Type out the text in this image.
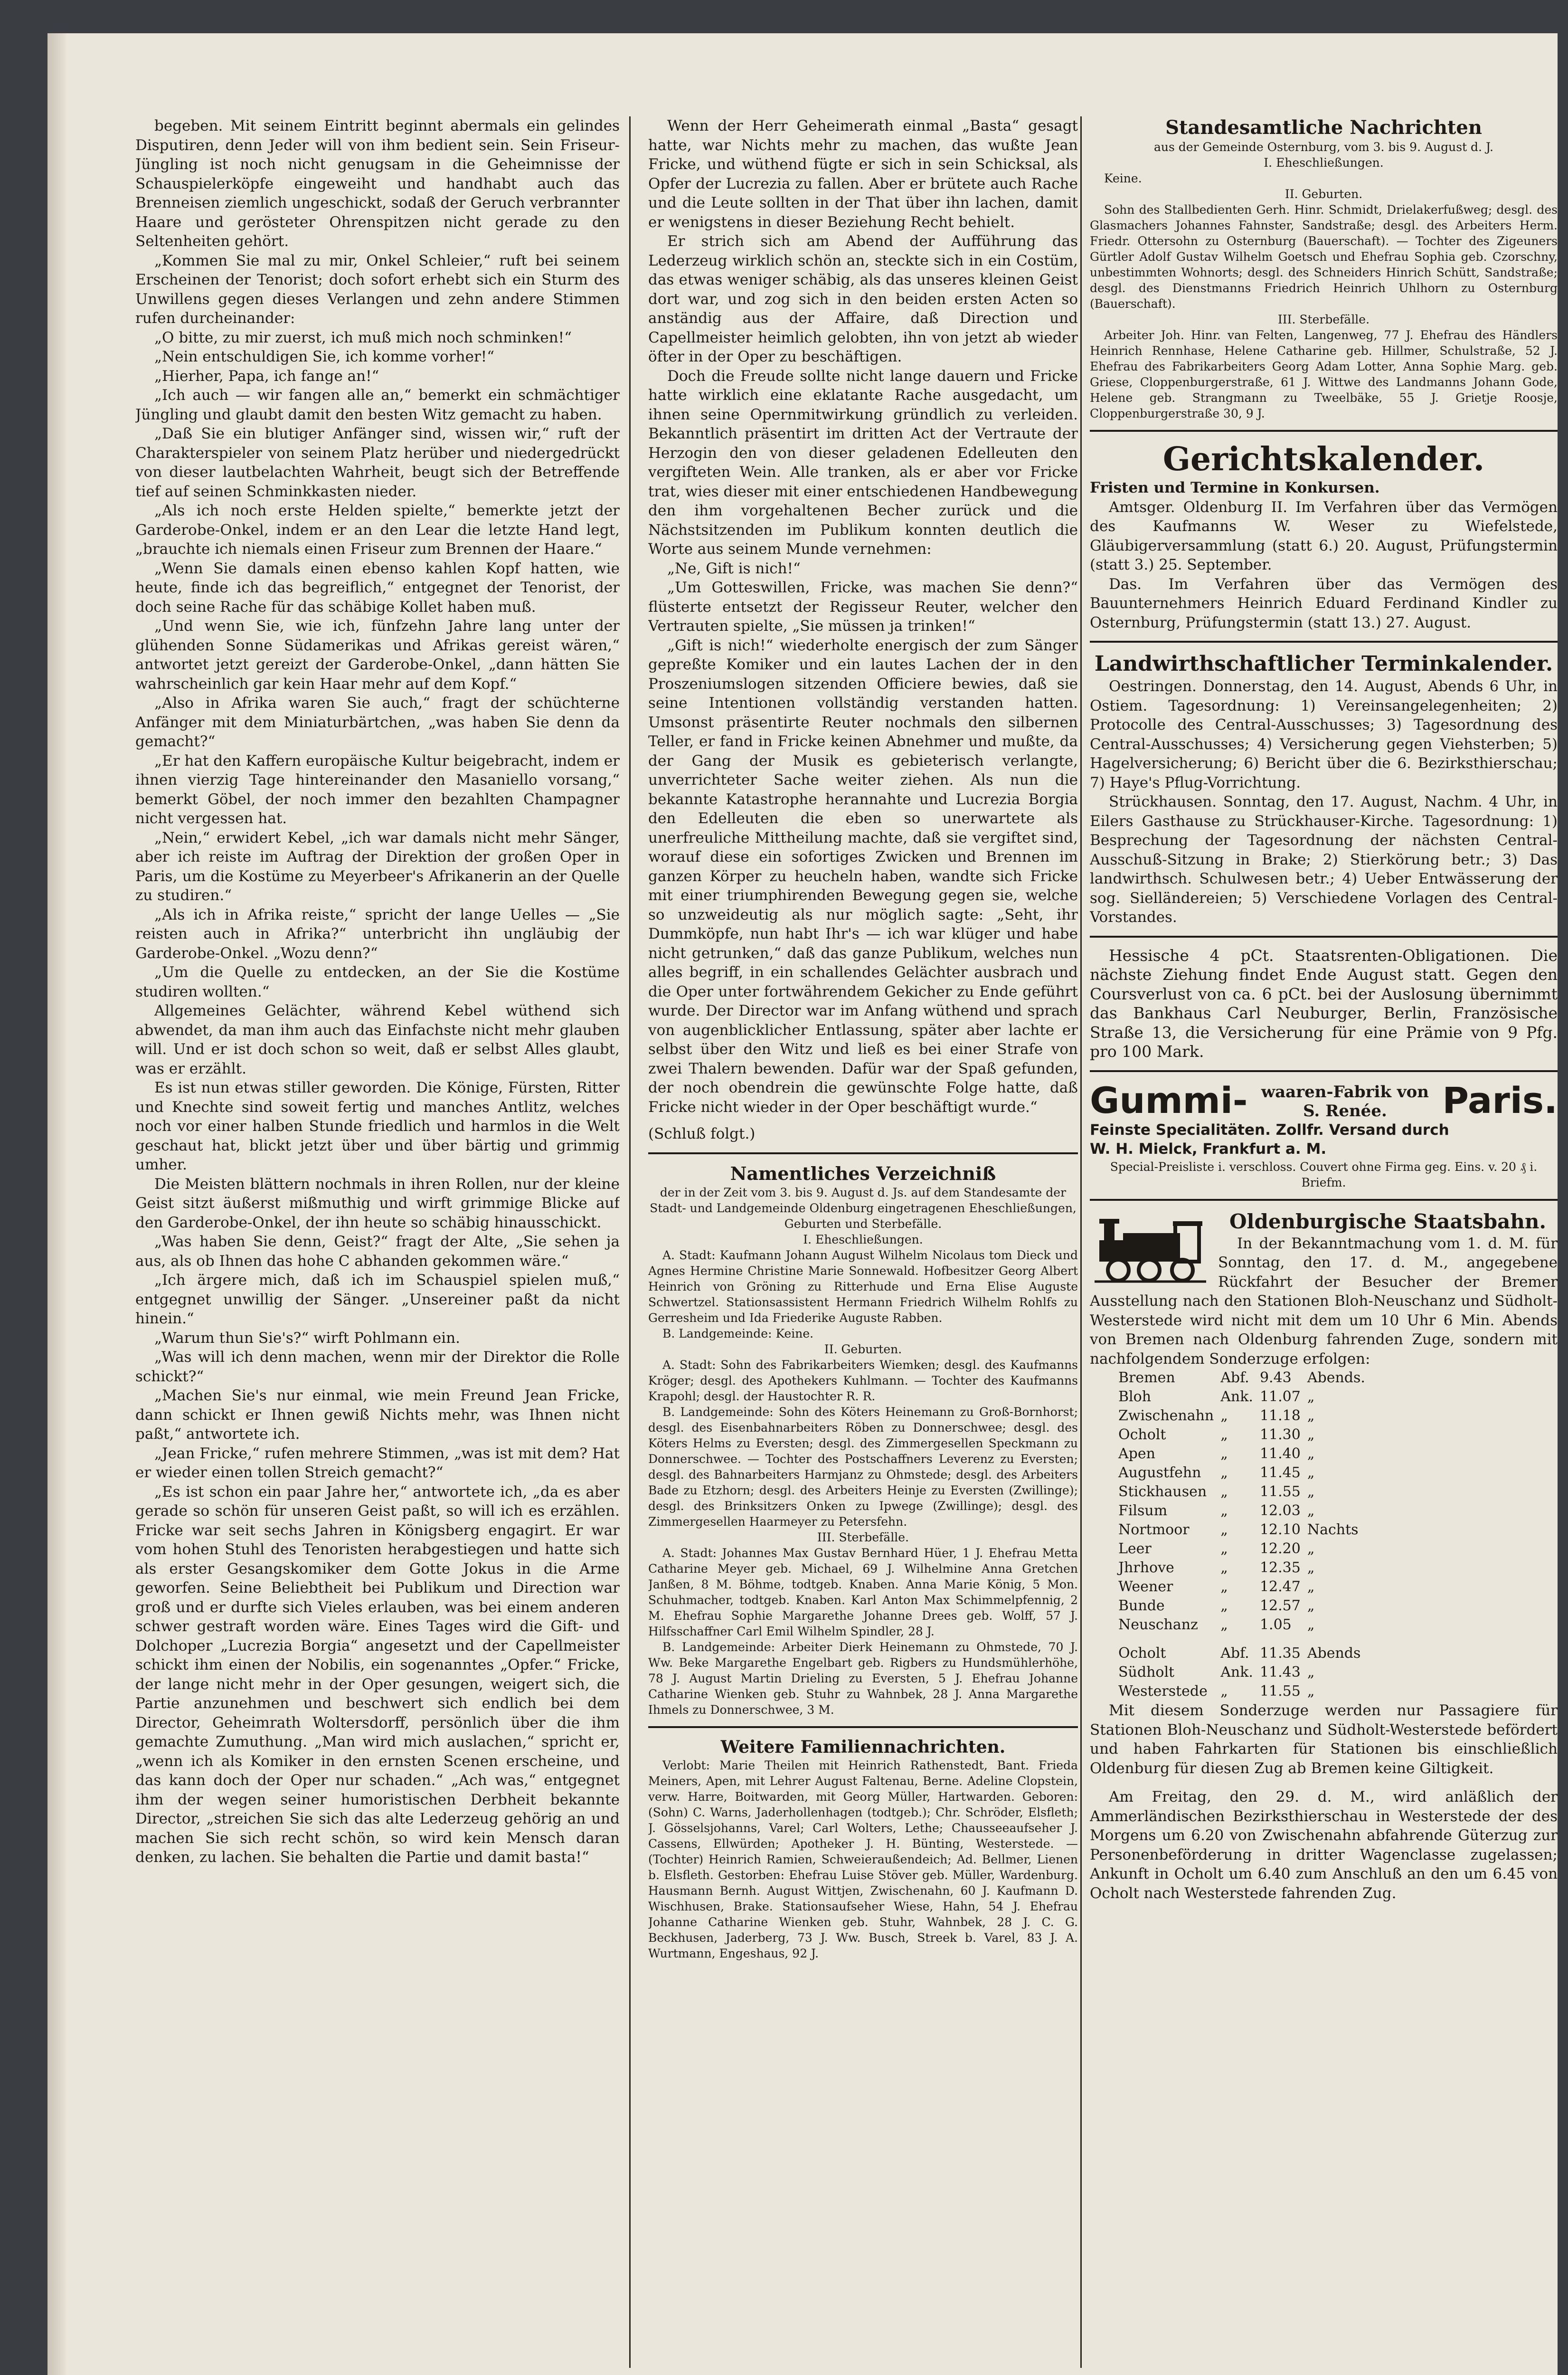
begeben. Mit seinem Eintritt beginnt abermals ein gelindes Disputiren, denn Jeder will von ihm bedient sein. Sein Friseur-Jüngling ist noch nicht genugsam in die Geheimnisse der Schauspielerköpfe eingeweiht und handhabt auch das Brenneisen ziemlich ungeschickt, sodaß der Geruch verbrannter Haare und gerösteter Ohrenspitzen nicht gerade zu den Seltenheiten gehört.

„Kommen Sie mal zu mir, Onkel Schleier,“ ruft bei seinem Erscheinen der Tenorist; doch sofort erhebt sich ein Sturm des Unwillens gegen dieses Verlangen und zehn andere Stimmen rufen durcheinander:

„O bitte, zu mir zuerst, ich muß mich noch schminken!“

„Nein entschuldigen Sie, ich komme vorher!“

„Hierher, Papa, ich fange an!“

„Ich auch — wir fangen alle an,“ bemerkt ein schmächtiger Jüngling und glaubt damit den besten Witz gemacht zu haben.

„Daß Sie ein blutiger Anfänger sind, wissen wir,“ ruft der Charakterspieler von seinem Platz herüber und niedergedrückt von dieser lautbelachten Wahrheit, beugt sich der Betreffende tief auf seinen Schminkkasten nieder.

„Als ich noch erste Helden spielte,“ bemerkte jetzt der Garderobe-Onkel, indem er an den Lear die letzte Hand legt, „brauchte ich niemals einen Friseur zum Brennen der Haare.“

„Wenn Sie damals einen ebenso kahlen Kopf hatten, wie heute, finde ich das begreiflich,“ entgegnet der Tenorist, der doch seine Rache für das schäbige Kollet haben muß.

„Und wenn Sie, wie ich, fünfzehn Jahre lang unter der glühenden Sonne Südamerikas und Afrikas gereist wären,“ antwortet jetzt gereizt der Garderobe-Onkel, „dann hätten Sie wahrscheinlich gar kein Haar mehr auf dem Kopf.“

„Also in Afrika waren Sie auch,“ fragt der schüchterne Anfänger mit dem Miniaturbärtchen, „was haben Sie denn da gemacht?“

„Er hat den Kaffern europäische Kultur beigebracht, indem er ihnen vierzig Tage hintereinander den Masaniello vorsang,“ bemerkt Göbel, der noch immer den bezahlten Champagner nicht vergessen hat.

„Nein,“ erwidert Kebel, „ich war damals nicht mehr Sänger, aber ich reiste im Auftrag der Direktion der großen Oper in Paris, um die Kostüme zu Meyerbeer's Afrikanerin an der Quelle zu studiren.“

„Als ich in Afrika reiste,“ spricht der lange Uelles — „Sie reisten auch in Afrika?“ unterbricht ihn ungläubig der Garderobe-Onkel. „Wozu denn?“

„Um die Quelle zu entdecken, an der Sie die Kostüme studiren wollten.“

Allgemeines Gelächter, während Kebel wüthend sich abwendet, da man ihm auch das Einfachste nicht mehr glauben will. Und er ist doch schon so weit, daß er selbst Alles glaubt, was er erzählt.

Es ist nun etwas stiller geworden. Die Könige, Fürsten, Ritter und Knechte sind soweit fertig und manches Antlitz, welches noch vor einer halben Stunde friedlich und harmlos in die Welt geschaut hat, blickt jetzt über und über bärtig und grimmig umher.

Die Meisten blättern nochmals in ihren Rollen, nur der kleine Geist sitzt äußerst mißmuthig und wirft grimmige Blicke auf den Garderobe-Onkel, der ihn heute so schäbig hinausschickt.

„Was haben Sie denn, Geist?“ fragt der Alte, „Sie sehen ja aus, als ob Ihnen das hohe C abhanden gekommen wäre.“

„Ich ärgere mich, daß ich im Schauspiel spielen muß,“ entgegnet unwillig der Sänger. „Unsereiner paßt da nicht hinein.“

„Warum thun Sie's?“ wirft Pohlmann ein.

„Was will ich denn machen, wenn mir der Direktor die Rolle schickt?“

„Machen Sie's nur einmal, wie mein Freund Jean Fricke, dann schickt er Ihnen gewiß Nichts mehr, was Ihnen nicht paßt,“ antwortete ich.

„Jean Fricke,“ rufen mehrere Stimmen, „was ist mit dem? Hat er wieder einen tollen Streich gemacht?“

„Es ist schon ein paar Jahre her,“ antwortete ich, „da es aber gerade so schön für unseren Geist paßt, so will ich es erzählen. Fricke war seit sechs Jahren in Königsberg engagirt. Er war vom hohen Stuhl des Tenoristen herabgestiegen und hatte sich als erster Gesangskomiker dem Gotte Jokus in die Arme geworfen. Seine Beliebtheit bei Publikum und Direction war groß und er durfte sich Vieles erlauben, was bei einem anderen schwer gestraft worden wäre. Eines Tages wird die Gift- und Dolchoper „Lucrezia Borgia“ angesetzt und der Capellmeister schickt ihm einen der Nobilis, ein sogenanntes „Opfer.“ Fricke, der lange nicht mehr in der Oper gesungen, weigert sich, die Partie anzunehmen und beschwert sich endlich bei dem Director, Geheimrath Woltersdorff, persönlich über die ihm gemachte Zumuthung. „Man wird mich auslachen,“ spricht er, „wenn ich als Komiker in den ernsten Scenen erscheine, und das kann doch der Oper nur schaden.“ „Ach was,“ entgegnet ihm der wegen seiner humoristischen Derbheit bekannte Director, „streichen Sie sich das alte Lederzeug gehörig an und machen Sie sich recht schön, so wird kein Mensch daran denken, zu lachen. Sie behalten die Partie und damit basta!“

Wenn der Herr Geheimerath einmal „Basta“ gesagt hatte, war Nichts mehr zu machen, das wußte Jean Fricke, und wüthend fügte er sich in sein Schicksal, als Opfer der Lucrezia zu fallen. Aber er brütete auch Rache und die Leute sollten in der That über ihn lachen, damit er wenigstens in dieser Beziehung Recht behielt.

Er strich sich am Abend der Aufführung das Lederzeug wirklich schön an, steckte sich in ein Costüm, das etwas weniger schäbig, als das unseres kleinen Geist dort war, und zog sich in den beiden ersten Acten so anständig aus der Affaire, daß Direction und Capellmeister heimlich gelobten, ihn von jetzt ab wieder öfter in der Oper zu beschäftigen.

Doch die Freude sollte nicht lange dauern und Fricke hatte wirklich eine eklatante Rache ausgedacht, um ihnen seine Opernmitwirkung gründlich zu verleiden. Bekanntlich präsentirt im dritten Act der Vertraute der Herzogin den von dieser geladenen Edelleuten den vergifteten Wein. Alle tranken, als er aber vor Fricke trat, wies dieser mit einer entschiedenen Handbewegung den ihm vorgehaltenen Becher zurück und die Nächstsitzenden im Publikum konnten deutlich die Worte aus seinem Munde vernehmen:

„Ne, Gift is nich!“

„Um Gotteswillen, Fricke, was machen Sie denn?“ flüsterte entsetzt der Regisseur Reuter, welcher den Vertrauten spielte, „Sie müssen ja trinken!“

„Gift is nich!“ wiederholte energisch der zum Sänger gepreßte Komiker und ein lautes Lachen der in den Proszeniumslogen sitzenden Officiere bewies, daß sie seine Intentionen vollständig verstanden hatten. Umsonst präsentirte Reuter nochmals den silbernen Teller, er fand in Fricke keinen Abnehmer und mußte, da der Gang der Musik es gebieterisch verlangte, unverrichteter Sache weiter ziehen. Als nun die bekannte Katastrophe herannahte und Lucrezia Borgia den Edelleuten die eben so unerwartete als unerfreuliche Mittheilung machte, daß sie vergiftet sind, worauf diese ein sofortiges Zwicken und Brennen im ganzen Körper zu heucheln haben, wandte sich Fricke mit einer triumphirenden Bewegung gegen sie, welche so unzweideutig als nur möglich sagte: „Seht, ihr Dummköpfe, nun habt Ihr's — ich war klüger und habe nicht getrunken,“ daß das ganze Publikum, welches nun alles begriff, in ein schallendes Gelächter ausbrach und die Oper unter fortwährendem Gekicher zu Ende geführt wurde. Der Director war im Anfang wüthend und sprach von augenblicklicher Entlassung, später aber lachte er selbst über den Witz und ließ es bei einer Strafe von zwei Thalern bewenden. Dafür war der Spaß gefunden, der noch obendrein die gewünschte Folge hatte, daß Fricke nicht wieder in der Oper beschäftigt wurde.“

(Schluß folgt.)

Namentliches Verzeichniß

der in der Zeit vom 3. bis 9. August d. Js. auf dem Standesamte der Stadt- und Landgemeinde Oldenburg eingetragenen Eheschließungen, Geburten und Sterbefälle.

I. Eheschließungen.

A. Stadt: Kaufmann Johann August Wilhelm Nicolaus tom Dieck und Agnes Hermine Christine Marie Sonnewald. Hofbesitzer Georg Albert Heinrich von Gröning zu Ritterhude und Erna Elise Auguste Schwertzel. Stationsassistent Hermann Friedrich Wilhelm Rohlfs zu Gerresheim und Ida Friederike Auguste Rabben.

B. Landgemeinde: Keine.

II. Geburten.

A. Stadt: Sohn des Fabrikarbeiters Wiemken; desgl. des Kaufmanns Kröger; desgl. des Apothekers Kuhlmann. — Tochter des Kaufmanns Krapohl; desgl. der Haustochter R. R.

B. Landgemeinde: Sohn des Köters Heinemann zu Groß-Bornhorst; desgl. des Eisenbahnarbeiters Röben zu Donnerschwee; desgl. des Köters Helms zu Eversten; desgl. des Zimmergesellen Speckmann zu Donnerschwee. — Tochter des Postschaffners Leverenz zu Eversten; desgl. des Bahnarbeiters Harmjanz zu Ohmstede; desgl. des Arbeiters Bade zu Etzhorn; desgl. des Arbeiters Heinje zu Eversten (Zwillinge); desgl. des Brinksitzers Onken zu Ipwege (Zwillinge); desgl. des Zimmergesellen Haarmeyer zu Petersfehn.

III. Sterbefälle.

A. Stadt: Johannes Max Gustav Bernhard Hüer, 1 J. Ehefrau Metta Catharine Meyer geb. Michael, 69 J. Wilhelmine Anna Gretchen Janßen, 8 M. Böhme, todtgeb. Knaben. Anna Marie König, 5 Mon. Schuhmacher, todtgeb. Knaben. Karl Anton Max Schimmelpfennig, 2 M. Ehefrau Sophie Margarethe Johanne Drees geb. Wolff, 57 J. Hilfsschaffner Carl Emil Wilhelm Spindler, 28 J.

B. Landgemeinde: Arbeiter Dierk Heinemann zu Ohmstede, 70 J. Ww. Beke Margarethe Engelbart geb. Rigbers zu Hundsmühlerhöhe, 78 J. August Martin Drieling zu Eversten, 5 J. Ehefrau Johanne Catharine Wienken geb. Stuhr zu Wahnbek, 28 J. Anna Margarethe Ihmels zu Donnerschwee, 3 M.

Weitere Familiennachrichten.

Verlobt: Marie Theilen mit Heinrich Rathenstedt, Bant. Frieda Meiners, Apen, mit Lehrer August Faltenau, Berne. Adeline Clopstein, verw. Harre, Boitwarden, mit Georg Müller, Hartwarden. Geboren: (Sohn) C. Warns, Jaderhollenhagen (todtgeb.); Chr. Schröder, Elsfleth; J. Gösselsjohanns, Varel; Carl Wolters, Lethe; Chausseeaufseher J. Cassens, Ellwürden; Apotheker J. H. Bünting, Westerstede. — (Tochter) Heinrich Ramien, Schweieraußendeich; Ad. Bellmer, Lienen b. Elsfleth. Gestorben: Ehefrau Luise Stöver geb. Müller, Wardenburg. Hausmann Bernh. August Wittjen, Zwischenahn, 60 J. Kaufmann D. Wischhusen, Brake. Stationsaufseher Wiese, Hahn, 54 J. Ehefrau Johanne Catharine Wienken geb. Stuhr, Wahnbek, 28 J. C. G. Beckhusen, Jaderberg, 73 J. Ww. Busch, Streek b. Varel, 83 J. A. Wurtmann, Engeshaus, 92 J.

Standesamtliche Nachrichten

aus der Gemeinde Osternburg, vom 3. bis 9. August d. J.

I. Eheschließungen.

Keine.

II. Geburten.

Sohn des Stallbedienten Gerh. Hinr. Schmidt, Drielakerfußweg; desgl. des Glasmachers Johannes Fahnster, Sandstraße; desgl. des Arbeiters Herm. Friedr. Ottersohn zu Osternburg (Bauerschaft). — Tochter des Zigeuners Gürtler Adolf Gustav Wilhelm Goetsch und Ehefrau Sophia geb. Czorschny, unbestimmten Wohnorts; desgl. des Schneiders Hinrich Schütt, Sandstraße; desgl. des Dienstmanns Friedrich Heinrich Uhlhorn zu Osternburg (Bauerschaft).

III. Sterbefälle.

Arbeiter Joh. Hinr. van Felten, Langenweg, 77 J. Ehefrau des Händlers Heinrich Rennhase, Helene Catharine geb. Hillmer, Schulstraße, 52 J. Ehefrau des Fabrikarbeiters Georg Adam Lotter, Anna Sophie Marg. geb. Griese, Cloppenburgerstraße, 61 J. Wittwe des Landmanns Johann Gode, Helene geb. Strangmann zu Tweelbäke, 55 J. Grietje Roosje, Cloppenburgerstraße 30, 9 J.

Gerichtskalender.

Fristen und Termine in Konkursen.

Amtsger. Oldenburg II. Im Verfahren über das Vermögen des Kaufmanns W. Weser zu Wiefelstede, Gläubigerversammlung (statt 6.) 20. August, Prüfungstermin (statt 3.) 25. September.

Das. Im Verfahren über das Vermögen des Bauunternehmers Heinrich Eduard Ferdinand Kindler zu Osternburg, Prüfungstermin (statt 13.) 27. August.

Landwirthschaftlicher Terminkalender.

Oestringen. Donnerstag, den 14. August, Abends 6 Uhr, in Ostiem. Tagesordnung: 1) Vereinsangelegenheiten; 2) Protocolle des Central-Ausschusses; 3) Tagesordnung des Central-Ausschusses; 4) Versicherung gegen Viehsterben; 5) Hagelversicherung; 6) Bericht über die 6. Bezirksthierschau; 7) Haye's Pflug-Vorrichtung.

Strückhausen. Sonntag, den 17. August, Nachm. 4 Uhr, in Eilers Gasthause zu Strückhauser-Kirche. Tagesordnung: 1) Besprechung der Tagesordnung der nächsten Central-Ausschuß-Sitzung in Brake; 2) Stierkörung betr.; 3) Das landwirthsch. Schulwesen betr.; 4) Ueber Entwässerung der sog. Sielländereien; 5) Verschiedene Vorlagen des Central-Vorstandes.

Hessische 4 pCt. Staatsrenten-Obligationen. Die nächste Ziehung findet Ende August statt. Gegen den Coursverlust von ca. 6 pCt. bei der Auslosung übernimmt das Bankhaus Carl Neuburger, Berlin, Französische Straße 13, die Versicherung für eine Prämie von 9 Pfg. pro 100 Mark.

Gummi- waaren-Fabrik von
S. Renée. Paris.

Feinste Specialitäten. Zollfr. Versand durch

W. H. Mielck, Frankfurt a. M.

Special-Preisliste i. verschloss. Couvert ohne Firma geg. Eins. v. 20 ₰ i. Briefm.

Oldenburgische Staatsbahn.

In der Bekanntmachung vom 1. d. M. für Sonntag, den 17. d. M., angegebene Rückfahrt der Besucher der Bremer Ausstellung nach den Stationen Bloh-Neuschanz und Südholt-Westerstede wird nicht mit dem um 10 Uhr 6 Min. Abends von Bremen nach Oldenburg fahrenden Zuge, sondern mit nachfolgendem Sonderzuge erfolgen:

Bremen	Abf.	9.43	Abends.
Bloh	Ank.	11.07	„
Zwischenahn	„	11.18	„
Ocholt	„	11.30	„
Apen	„	11.40	„
Augustfehn	„	11.45	„
Stickhausen	„	11.55	„
Filsum	„	12.03	„
Nortmoor	„	12.10	Nachts
Leer	„	12.20	„
Jhrhove	„	12.35	„
Weener	„	12.47	„
Bunde	„	12.57	„
Neuschanz	„	1.05	„
Ocholt	Abf.	11.35	Abends
Südholt	Ank.	11.43	„
Westerstede	„	11.55	„

Mit diesem Sonderzuge werden nur Passagiere für Stationen Bloh-Neuschanz und Südholt-Westerstede befördert und haben Fahrkarten für Stationen bis einschließlich Oldenburg für diesen Zug ab Bremen keine Giltigkeit.

Am Freitag, den 29. d. M., wird anläßlich der Ammerländischen Bezirksthierschau in Westerstede der des Morgens um 6.20 von Zwischenahn abfahrende Güterzug zur Personenbeförderung in dritter Wagenclasse zugelassen; Ankunft in Ocholt um 6.40 zum Anschluß an den um 6.45 von Ocholt nach Westerstede fahrenden Zug.
